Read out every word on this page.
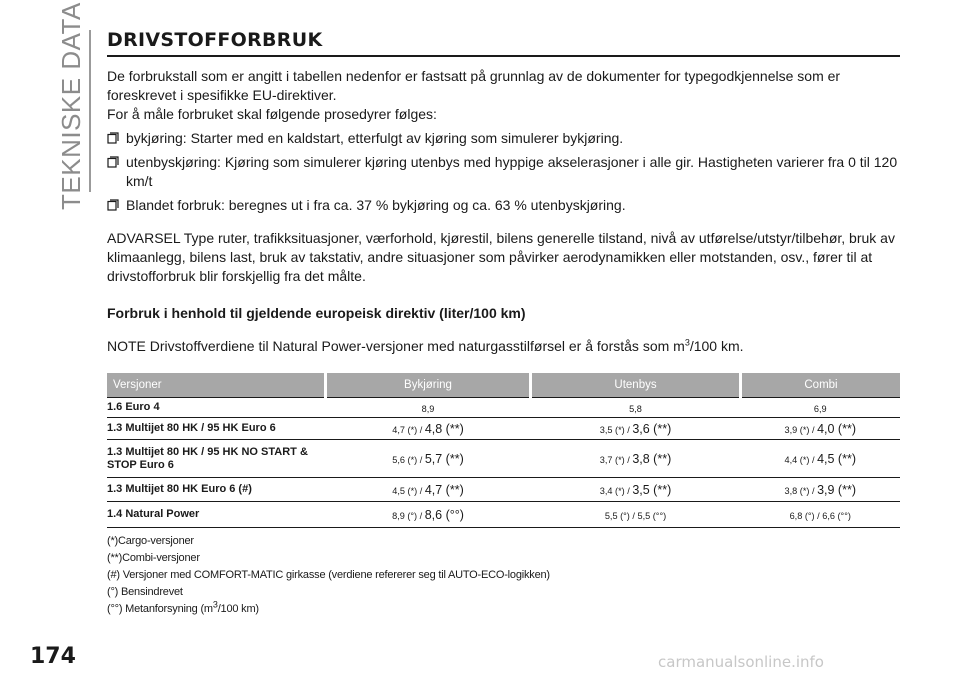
TEKNISKE DATA DRIVSTOFFORBRUK

De forbrukstall som er angitt i tabellen nedenfor er fastsatt på grunnlag av de dokumenter for typegodkjennelse som er foreskrevet i spesifikke EU-direktiver.

For å måle forbruket skal følgende prosedyrer følges:

bykjøring: Starter med en kaldstart, etterfulgt av kjøring som simulerer bykjøring.
utenbyskjøring: Kjøring som simulerer kjøring utenbys med hyppige akselerasjoner i alle gir. Hastigheten varierer fra 0 til 120 km/t
Blandet forbruk: beregnes ut i fra ca. 37 % bykjøring og ca. 63 % utenbyskjøring.

ADVARSEL Type ruter, trafikksituasjoner, værforhold, kjørestil, bilens generelle tilstand, nivå av utførelse/utstyr/tilbehør, bruk av klimaanlegg, bilens last, bruk av takstativ, andre situasjoner som påvirker aerodynamikken eller motstanden, osv., fører til at drivstofforbruk blir forskjellig fra det målte.

Forbruk i henhold til gjeldende europeisk direktiv (liter/100 km)

NOTE Drivstoffverdiene til Natural Power-versjoner med naturgasstilførsel er å forstås som $m^3/100$ km.

Versjoner	Bykjøring	Utenbys	Combi
1.6 Euro 4	8,9	5,8	6,9
1.3 Multijet 80 HK / 95 HK Euro 6	4,7 (*) / 4,8 (**)	3,5 (*) / 3,6 (**)	3,9 (*) / 4,0 (**)
1.3 Multijet 80 HK / 95 HK NO START & STOP Euro 6	5,6 (*) / 5,7 (**)	3,7 (*) / 3,8 (**)	4,4 (*) / 4,5 (**)
1.3 Multijet 80 HK Euro 6 (#)	4,5 (*) / 4,7 (**)	3,4 (*) / 3,5 (**)	3,8 (*) / 3,9 (**)
1.4 Natural Power	8,9 (°) / 8,6 (°°)	5,5 (°) / 5,5 (°°)	6,8 (°) / 6,6 (°°)
(*)Cargo-versjoner
(**)Combi-versjoner
(#) Versjoner med COMFORT-MATIC girkasse (verdiene refererer seg til AUTO-ECO-logikken)
(°) Bensindrevet
(°°) Metanforsyning ($m^3/100$ km)
174	carmanualsonline.info
